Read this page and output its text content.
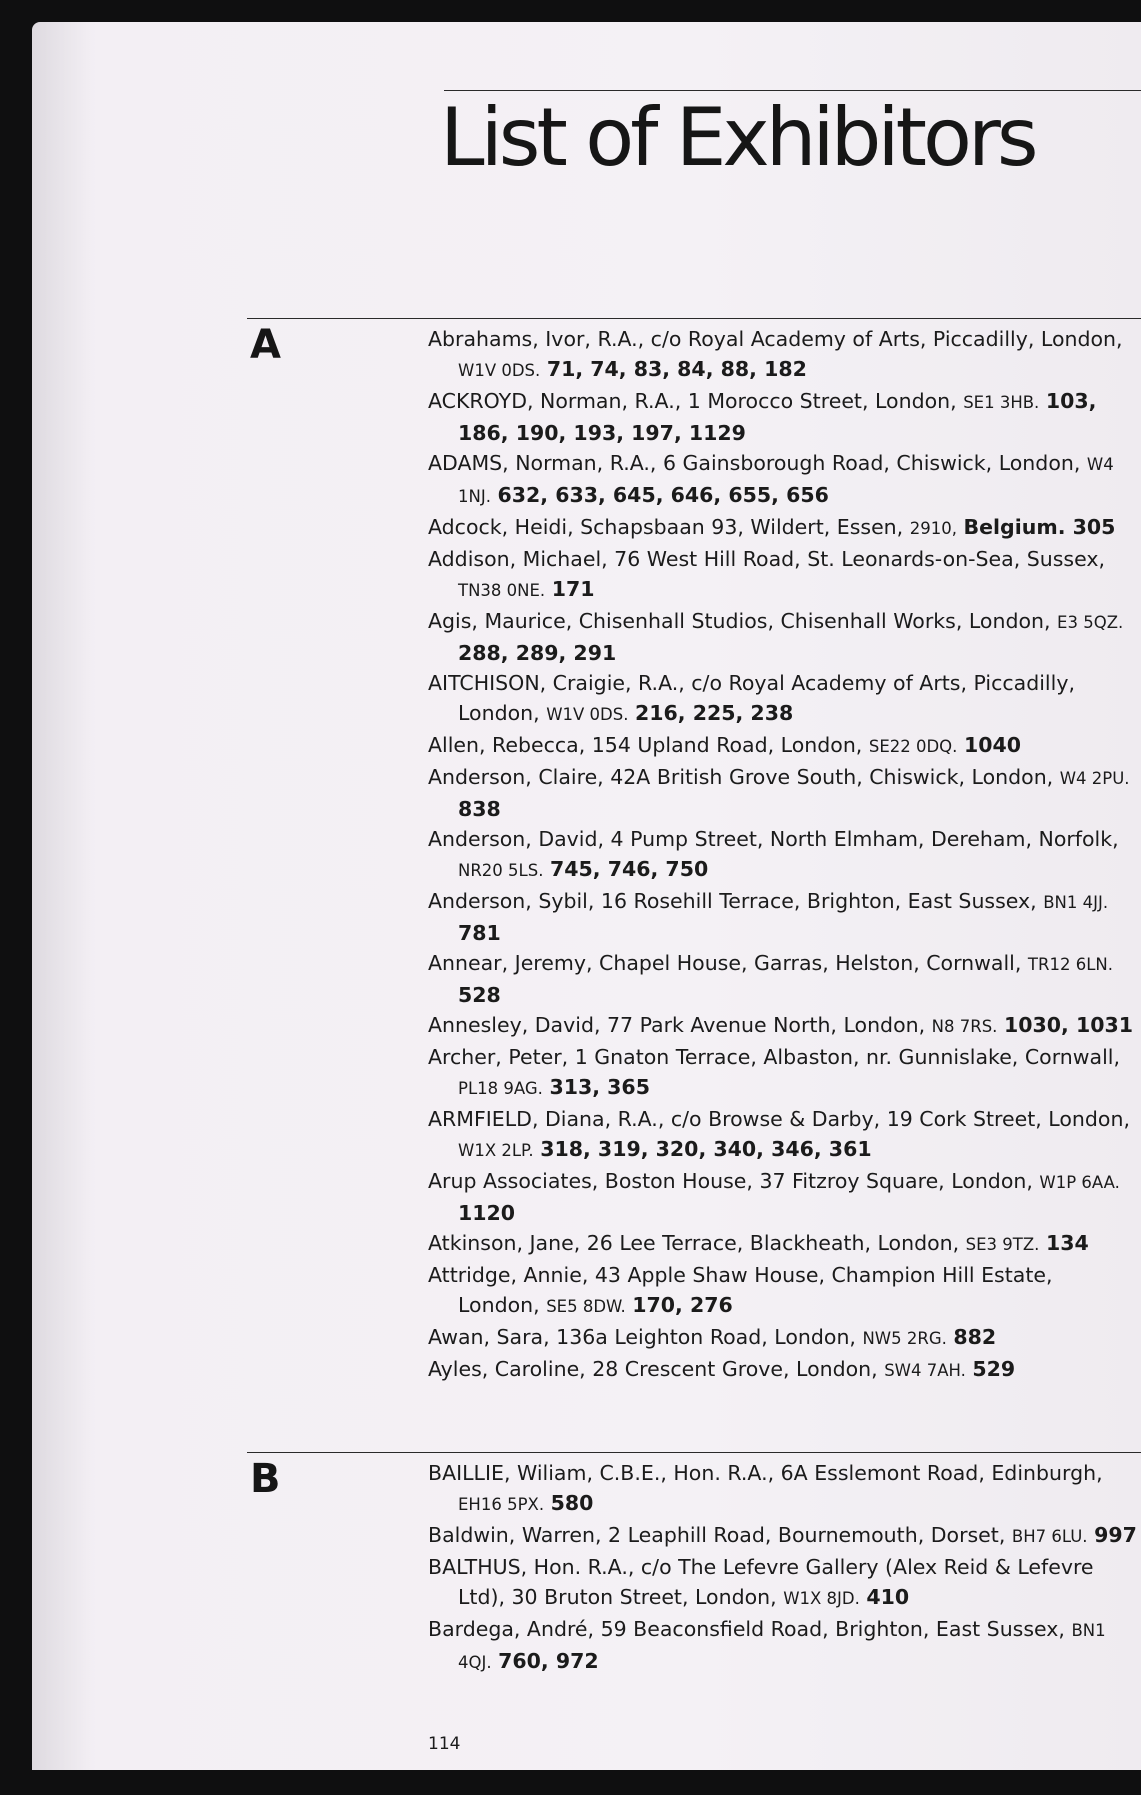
List of Exhibitors
A	Abrahams, Ivor, R.A., c/o Royal Academy of Arts, Piccadilly, London, W1V 0DS. 71, 74, 83, 84, 88, 182
ACKROYD, Norman, R.A., 1 Morocco Street, London, SE1 3HB. 103, 186, 190, 193, 197, 1129
ADAMS, Norman, R.A., 6 Gainsborough Road, Chiswick, London, W4 1NJ. 632, 633, 645, 646, 655, 656
Adcock, Heidi, Schapsbaan 93, Wildert, Essen, 2910, Belgium. 305
Addison, Michael, 76 West Hill Road, St. Leonards-on-Sea, Sussex, TN38 0NE. 171
Agis, Maurice, Chisenhall Studios, Chisenhall Works, London, E3 5QZ. 288, 289, 291
AITCHISON, Craigie, R.A., c/o Royal Academy of Arts, Piccadilly, London, W1V 0DS. 216, 225, 238
Allen, Rebecca, 154 Upland Road, London, SE22 0DQ. 1040
Anderson, Claire, 42A British Grove South, Chiswick, London, W4 2PU. 838
Anderson, David, 4 Pump Street, North Elmham, Dereham, Norfolk, NR20 5LS. 745, 746, 750
Anderson, Sybil, 16 Rosehill Terrace, Brighton, East Sussex, BN1 4JJ. 781
Annear, Jeremy, Chapel House, Garras, Helston, Cornwall, TR12 6LN. 528
Annesley, David, 77 Park Avenue North, London, N8 7RS. 1030, 1031
Archer, Peter, 1 Gnaton Terrace, Albaston, nr. Gunnislake, Cornwall, PL18 9AG. 313, 365
ARMFIELD, Diana, R.A., c/o Browse & Darby, 19 Cork Street, London, W1X 2LP. 318, 319, 320, 340, 346, 361
Arup Associates, Boston House, 37 Fitzroy Square, London, W1P 6AA. 1120
Atkinson, Jane, 26 Lee Terrace, Blackheath, London, SE3 9TZ. 134
Attridge, Annie, 43 Apple Shaw House, Champion Hill Estate, London, SE5 8DW. 170, 276
Awan, Sara, 136a Leighton Road, London, NW5 2RG. 882
Ayles, Caroline, 28 Crescent Grove, London, SW4 7AH. 529
B	BAILLIE, Wiliam, C.B.E., Hon. R.A., 6A Esslemont Road, Edinburgh, EH16 5PX. 580
Baldwin, Warren, 2 Leaphill Road, Bournemouth, Dorset, BH7 6LU. 997
BALTHUS, Hon. R.A., c/o The Lefevre Gallery (Alex Reid & Lefevre Ltd), 30 Bruton Street, London, W1X 8JD. 410
Bardega, André, 59 Beaconsfield Road, Brighton, East Sussex, BN1 4QJ. 760, 972
114
